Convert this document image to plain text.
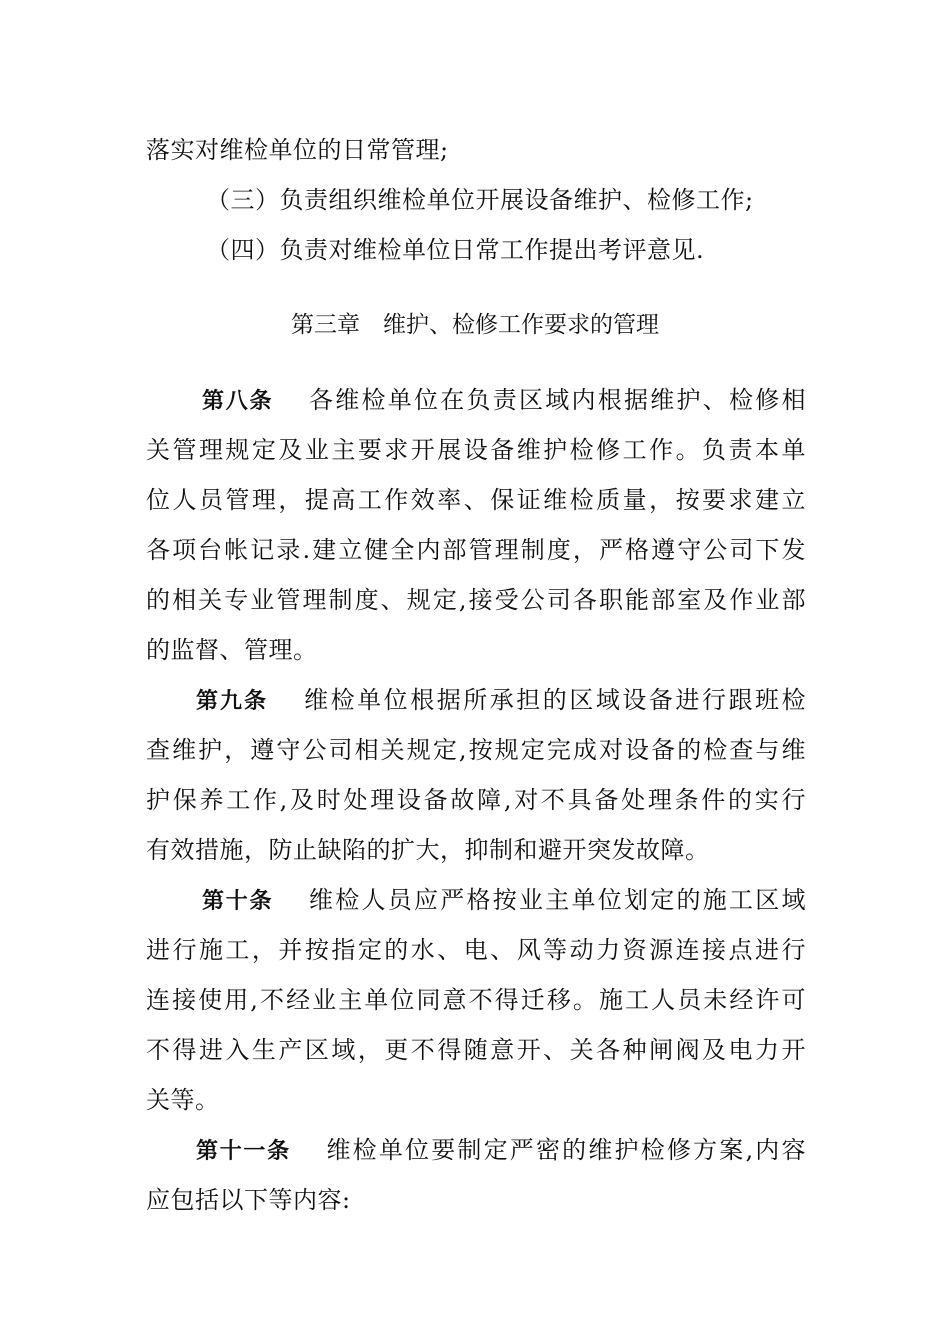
落实对维检单位的日常管理;
（三）负责组织维检单位开展设备维护、检修工作;
（四）负责对维检单位日常工作提出考评意见.
第三章　维护、检修工作要求的管理
第八条 各维检单位在负责区域内根据维护、检修相
关管理规定及业主要求开展设备维护检修工作。负责本单
位人员管理，提高工作效率、保证维检质量，按要求建立
各项台帐记录.建立健全内部管理制度，严格遵守公司下发
的相关专业管理制度、规定,接受公司各职能部室及作业部
的监督、管理。
第九条 维检单位根据所承担的区域设备进行跟班检
查维护，遵守公司相关规定,按规定完成对设备的检查与维
护保养工作,及时处理设备故障,对不具备处理条件的实行
有效措施，防止缺陷的扩大，抑制和避开突发故障。
第十条 维检人员应严格按业主单位划定的施工区域
进行施工，并按指定的水、电、风等动力资源连接点进行
连接使用,不经业主单位同意不得迁移。施工人员未经许可
不得进入生产区域，更不得随意开、关各种闸阀及电力开
关等。
第十一条 维检单位要制定严密的维护检修方案,内容
应包括以下等内容:
